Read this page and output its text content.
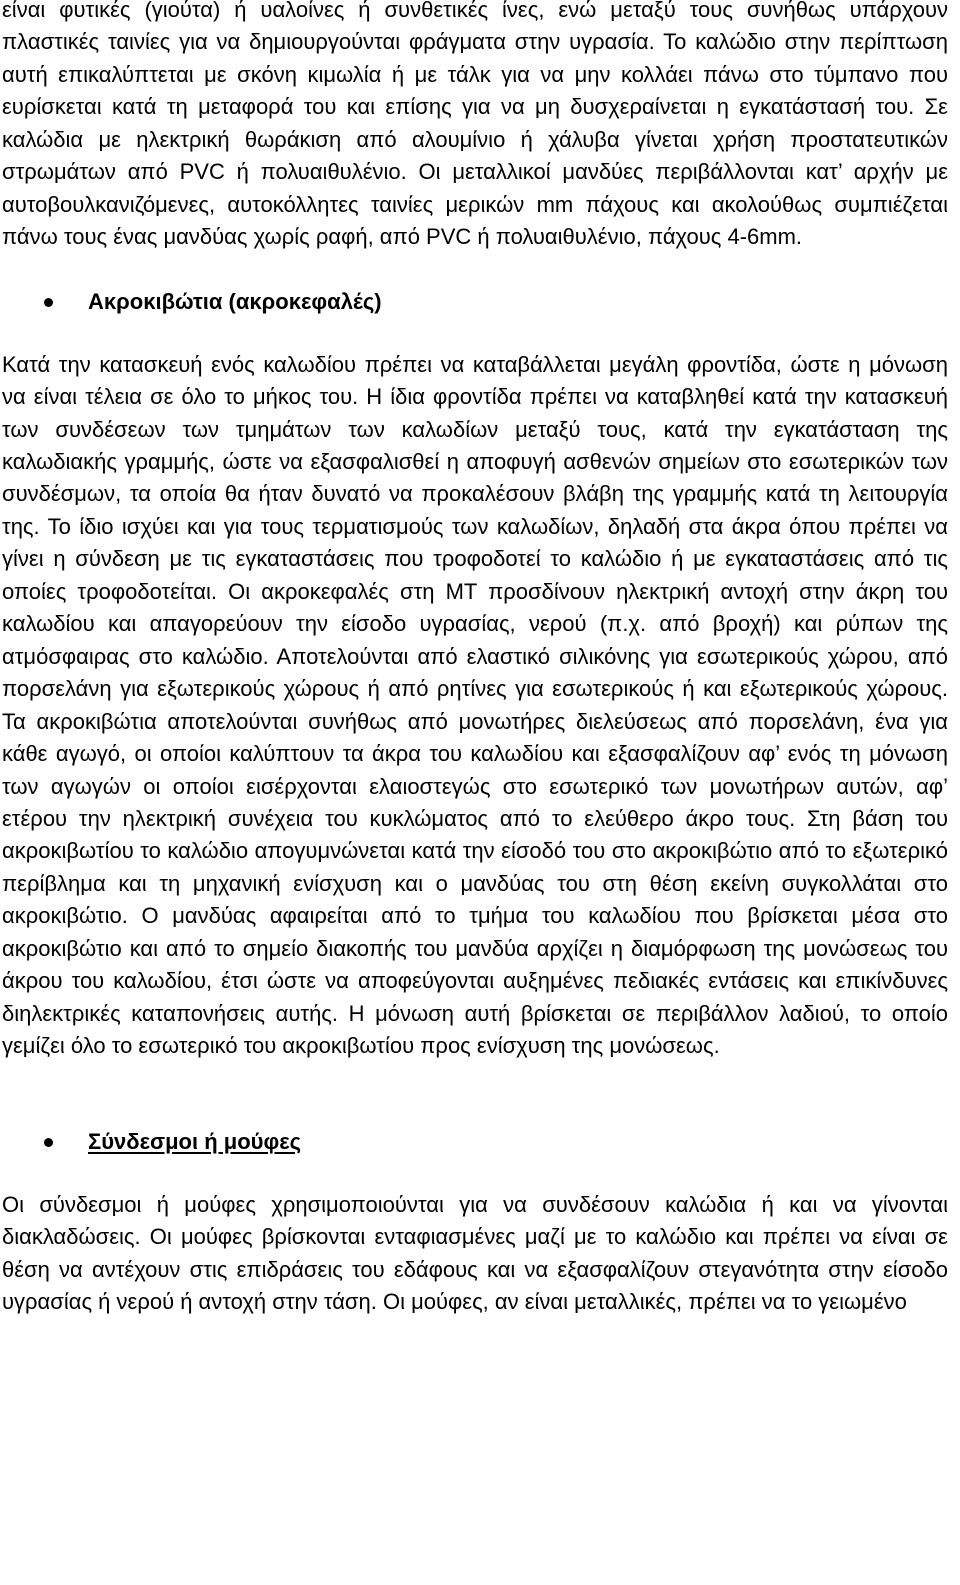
είναι φυτικές (γιούτα) ή υαλοίνες ή συνθετικές ίνες, ενώ μεταξύ τους συνήθως υπάρχουν πλαστικές ταινίες για να δημιουργούνται φράγματα στην υγρασία. Το καλώδιο στην περίπτωση αυτή επικαλύπτεται με σκόνη κιμωλία ή με τάλκ για να μην κολλάει πάνω στο τύμπανο που ευρίσκεται κατά τη μεταφορά του και επίσης για να μη δυσχεραίνεται η εγκατάστασή του. Σε καλώδια με ηλεκτρική θωράκιση από αλουμίνιο ή χάλυβα γίνεται χρήση προστατευτικών στρωμάτων από PVC ή πολυαιθυλένιο. Οι μεταλλικοί μανδύες περιβάλλονται κατ’ αρχήν με αυτοβουλκανιζόμενες, αυτοκόλλητες ταινίες μερικών mm πάχους και ακολούθως συμπιέζεται πάνω τους ένας μανδύας χωρίς ραφή, από PVC ή πολυαιθυλένιο, πάχους 4-6mm.

Ακροκιβώτια (ακροκεφαλές)

Κατά την κατασκευή ενός καλωδίου πρέπει να καταβάλλεται μεγάλη φροντίδα, ώστε η μόνωση να είναι τέλεια σε όλο το μήκος του. Η ίδια φροντίδα πρέπει να καταβληθεί κατά την κατασκευή των συνδέσεων των τμημάτων των καλωδίων μεταξύ τους, κατά την εγκατάσταση της καλωδιακής γραμμής, ώστε να εξασφαλισθεί η αποφυγή ασθενών σημείων στο εσωτερικών των συνδέσμων, τα οποία θα ήταν δυνατό να προκαλέσουν βλάβη της γραμμής κατά τη λειτουργία της. Το ίδιο ισχύει και για τους τερματισμούς των καλωδίων, δηλαδή στα άκρα όπου πρέπει να γίνει η σύνδεση με τις εγκαταστάσεις που τροφοδοτεί το καλώδιο ή με εγκαταστάσεις από τις οποίες τροφοδοτείται. Οι ακροκεφαλές στη ΜΤ προσδίνουν ηλεκτρική αντοχή στην άκρη του καλωδίου και απαγορεύουν την είσοδο υγρασίας, νερού (π.χ. από βροχή) και ρύπων της ατμόσφαιρας στο καλώδιο. Αποτελούνται από ελαστικό σιλικόνης για εσωτερικούς χώρου, από πορσελάνη για εξωτερικούς χώρους ή από ρητίνες για εσωτερικούς ή και εξωτερικούς χώρους. Τα ακροκιβώτια αποτελούνται συνήθως από μονωτήρες διελεύσεως από πορσελάνη, ένα για κάθε αγωγό, οι οποίοι καλύπτουν τα άκρα του καλωδίου και εξασφαλίζουν αφ’ ενός τη μόνωση των αγωγών οι οποίοι εισέρχονται ελαιοστεγώς στο εσωτερικό των μονωτήρων αυτών, αφ’ ετέρου την ηλεκτρική συνέχεια του κυκλώματος από το ελεύθερο άκρο τους. Στη βάση του ακροκιβωτίου το καλώδιο απογυμνώνεται κατά την είσοδό του στο ακροκιβώτιο από το εξωτερικό περίβλημα και τη μηχανική ενίσχυση και ο μανδύας του στη θέση εκείνη συγκολλάται στο ακροκιβώτιο. Ο μανδύας αφαιρείται από το τμήμα του καλωδίου που βρίσκεται μέσα στο ακροκιβώτιο και από το σημείο διακοπής του μανδύα αρχίζει η διαμόρφωση της μονώσεως του άκρου του καλωδίου, έτσι ώστε να αποφεύγονται αυξημένες πεδιακές εντάσεις και επικίνδυνες διηλεκτρικές καταπονήσεις αυτής. Η μόνωση αυτή βρίσκεται σε περιβάλλον λαδιού, το οποίο γεμίζει όλο το εσωτερικό του ακροκιβωτίου προς ενίσχυση της μονώσεως.

Σύνδεσμοι ή μούφες

Οι σύνδεσμοι ή μούφες χρησιμοποιούνται για να συνδέσουν καλώδια ή και να γίνονται διακλαδώσεις. Οι μούφες βρίσκονται ενταφιασμένες μαζί με το καλώδιο και πρέπει να είναι σε θέση να αντέχουν στις επιδράσεις του εδάφους και να εξασφαλίζουν στεγανότητα στην είσοδο υγρασίας ή νερού ή αντοχή στην τάση. Οι μούφες, αν είναι μεταλλικές, πρέπει να το γειωμένο
